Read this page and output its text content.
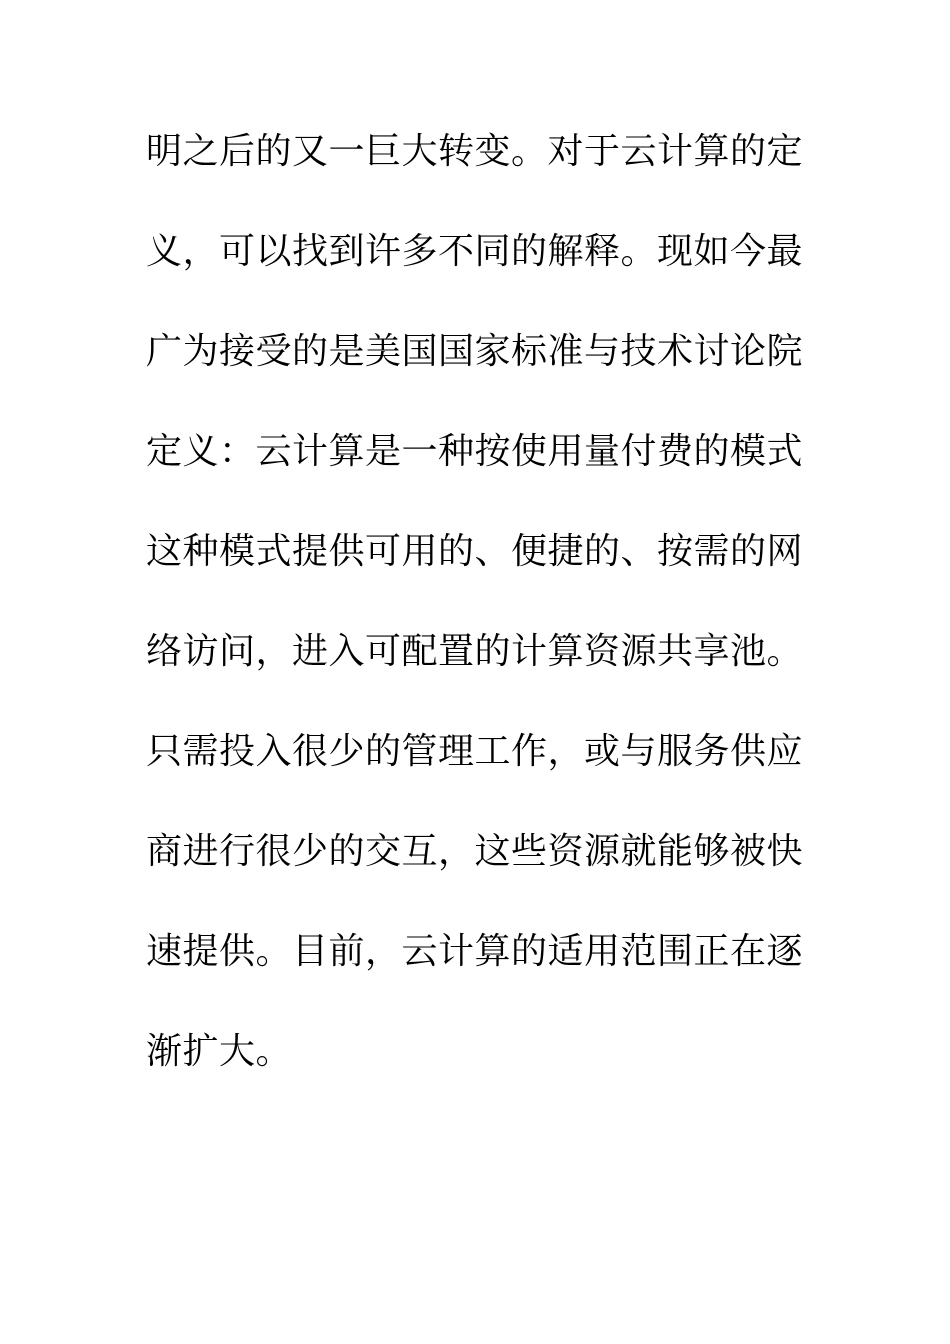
明之后的又一巨大转变。对于云计算的定
义，可以找到许多不同的解释。现如今最
广为接受的是美国国家标准与技术讨论院
定义：云计算是一种按使用量付费的模式
这种模式提供可用的、便捷的、按需的网
络访问，进入可配置的计算资源共享池。
只需投入很少的管理工作，或与服务供应
商进行很少的交互，这些资源就能够被快
速提供。目前，云计算的适用范围正在逐
渐扩大。
